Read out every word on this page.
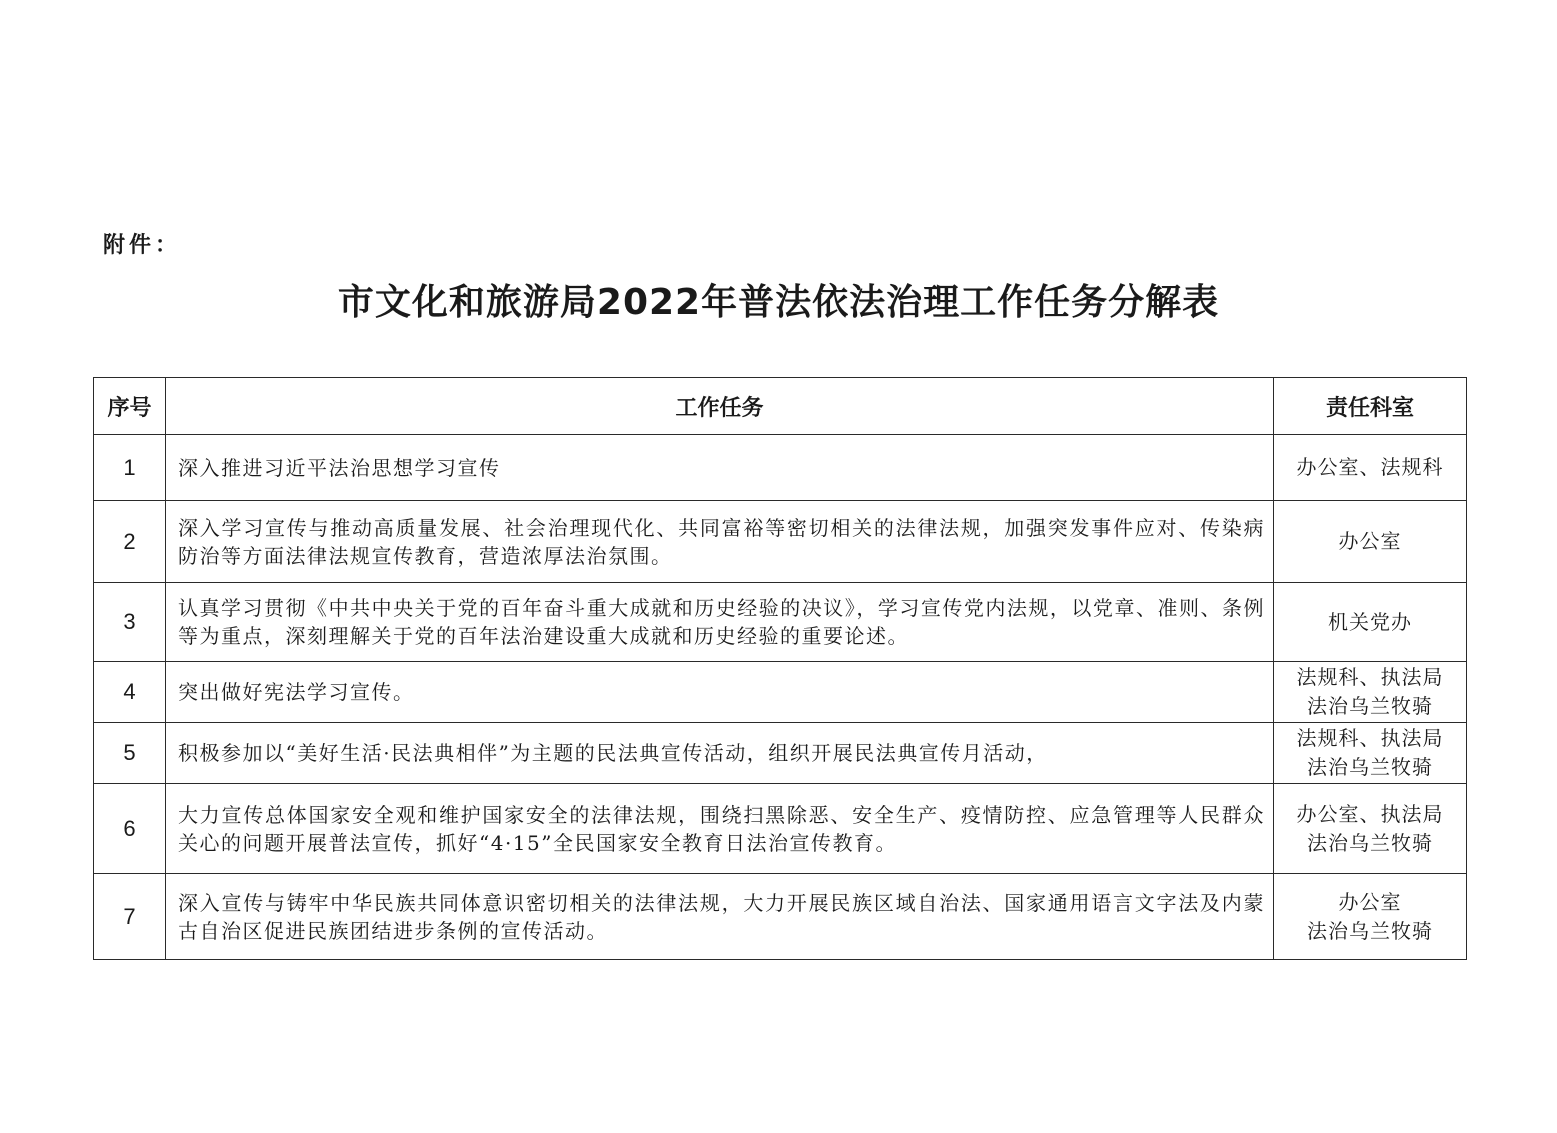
附件：
市文化和旅游局2022年普法依法治理工作任务分解表
序号	工作任务	责任科室
1	深入推进习近平法治思想学习宣传	办公室、法规科
2	深入学习宣传与推动高质量发展、社会治理现代化、共同富裕等密切相关的法律法规，加强突发事件应对、传染病防治等方面法律法规宣传教育，营造浓厚法治氛围。	办公室
3	认真学习贯彻《中共中央关于党的百年奋斗重大成就和历史经验的决议》，学习宣传党内法规，以党章、准则、条例等为重点，深刻理解关于党的百年法治建设重大成就和历史经验的重要论述。	机关党办
4	突出做好宪法学习宣传。	法规科、执法局
法治乌兰牧骑
5	积极参加以“美好生活·民法典相伴”为主题的民法典宣传活动，组织开展民法典宣传月活动，	法规科、执法局
法治乌兰牧骑
6	大力宣传总体国家安全观和维护国家安全的法律法规，围绕扫黑除恶、安全生产、疫情防控、应急管理等人民群众关心的问题开展普法宣传，抓好“4·15”全民国家安全教育日法治宣传教育。	办公室、执法局
法治乌兰牧骑
7	深入宣传与铸牢中华民族共同体意识密切相关的法律法规，大力开展民族区域自治法、国家通用语言文字法及内蒙古自治区促进民族团结进步条例的宣传活动。	办公室
法治乌兰牧骑
